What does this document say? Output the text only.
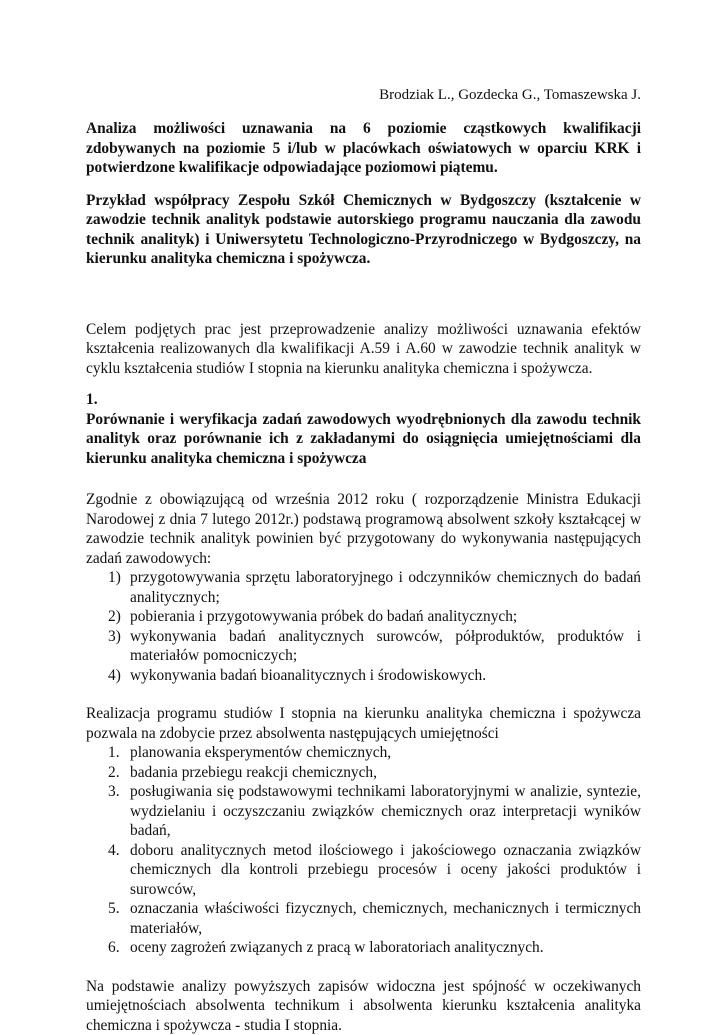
Brodziak L., Gozdecka G., Tomaszewska J.

Analiza możliwości uznawania na 6 poziomie cząstkowych kwalifikacji zdobywanych na poziomie 5 i/lub w placówkach oświatowych w oparciu KRK i potwierdzone kwalifikacje odpowiadające poziomowi piątemu.

Przykład współpracy Zespołu Szkół Chemicznych w Bydgoszczy (kształcenie w zawodzie technik analityk podstawie autorskiego programu nauczania dla zawodu technik analityk) i Uniwersytetu Technologiczno-Przyrodniczego w Bydgoszczy, na kierunku analityka chemiczna i spożywcza.

Celem podjętych prac jest przeprowadzenie analizy możliwości uznawania efektów kształcenia realizowanych dla kwalifikacji A.59 i A.60 w zawodzie technik analityk w cyklu kształcenia studiów I stopnia na kierunku analityka chemiczna i spożywcza.

1.

Porównanie i weryfikacja zadań zawodowych wyodrębnionych dla zawodu technik analityk oraz porównanie ich z zakładanymi do osiągnięcia umiejętnościami dla kierunku analityka chemiczna i spożywcza

Zgodnie z obowiązującą od września 2012 roku ( rozporządzenie Ministra Edukacji Narodowej z dnia 7 lutego 2012r.) podstawą programową absolwent szkoły kształcącej w zawodzie technik analityk powinien być przygotowany do wykonywania następujących zadań zawodowych:

1) przygotowywania sprzętu laboratoryjnego i odczynników chemicznych do badań analitycznych;
2) pobierania i przygotowywania próbek do badań analitycznych;
3) wykonywania badań analitycznych surowców, półproduktów, produktów i materiałów pomocniczych;
4) wykonywania badań bioanalitycznych i środowiskowych.

Realizacja programu studiów I stopnia na kierunku analityka chemiczna i spożywcza pozwala na zdobycie przez absolwenta następujących umiejętności

1. planowania eksperymentów chemicznych,
2. badania przebiegu reakcji chemicznych,
3. posługiwania się podstawowymi technikami laboratoryjnymi w analizie, syntezie, wydzielaniu i oczyszczaniu związków chemicznych oraz interpretacji wyników badań,
4. doboru analitycznych metod ilościowego i jakościowego oznaczania związków chemicznych dla kontroli przebiegu procesów i oceny jakości produktów i surowców,
5. oznaczania właściwości fizycznych, chemicznych, mechanicznych i termicznych materiałów,
6. oceny zagrożeń związanych z pracą w laboratoriach analitycznych.

Na podstawie analizy powyższych zapisów widoczna jest spójność w oczekiwanych umiejętnościach absolwenta technikum i absolwenta kierunku kształcenia analityka chemiczna i spożywcza - studia I stopnia.
